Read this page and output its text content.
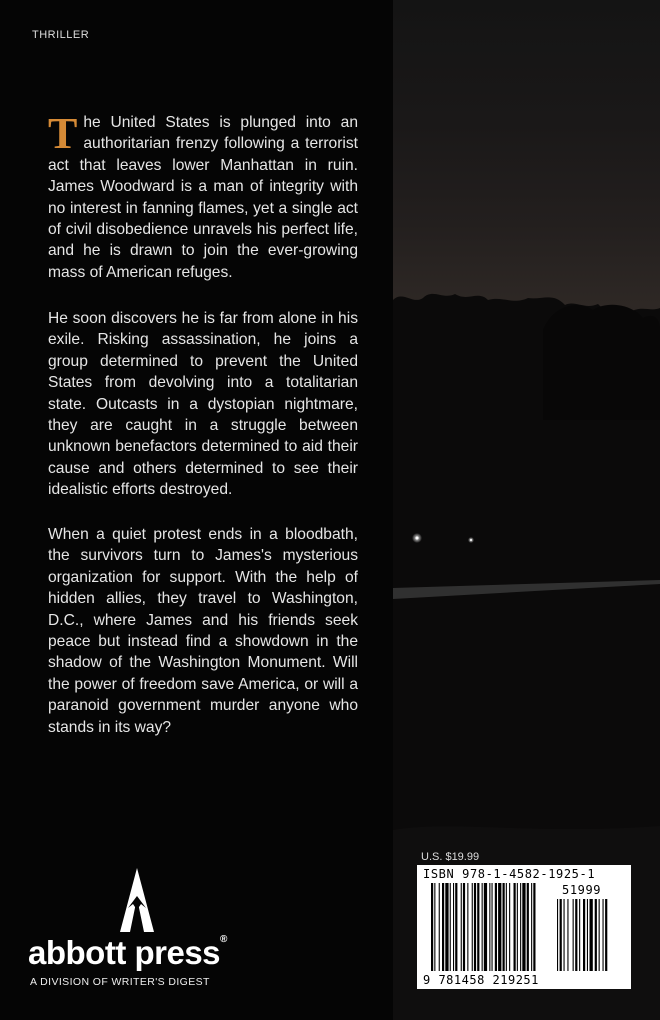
THRILLER

The United States is plunged into an authoritarian frenzy following a terrorist act that leaves lower Manhattan in ruin. James Woodward is a man of integrity with no interest in fanning flames, yet a single act of civil disobedience unravels his perfect life, and he is drawn to join the ever-growing mass of American refuges.

He soon discovers he is far from alone in his exile. Risking assassination, he joins a group determined to prevent the United States from devolving into a totalitarian state. Outcasts in a dystopian nightmare, they are caught in a struggle between unknown benefactors determined to aid their cause and others determined to see their idealistic efforts destroyed.

When a quiet protest ends in a bloodbath, the survivors turn to James's mysterious organization for support. With the help of hidden allies, they travel to Washington, D.C., where James and his friends seek peace but instead find a showdown in the shadow of the Washington Monument. Will the power of freedom save America, or will a paranoid government murder anyone who stands in its way?

abbott press®
A DIVISION OF WRITER'S DIGEST
U.S. $19.99
ISBN 978-1-4582-1925-1
51999
9 781458 219251
